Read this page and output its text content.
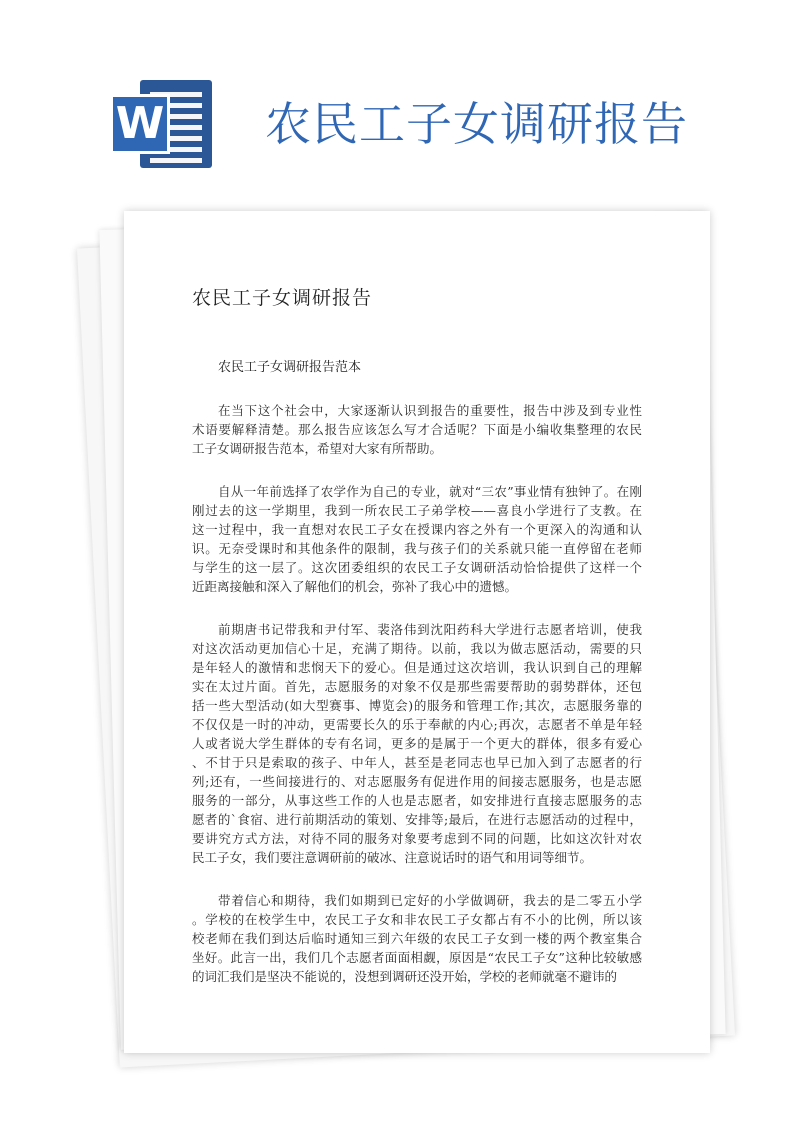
W 农民工子女调研报告
农民工子女调研报告
农民工子女调研报告范本
在当下这个社会中，大家逐渐认识到报告的重要性，报告中涉及到专业性
术语要解释清楚。那么报告应该怎么写才合适呢？下面是小编收集整理的农民
工子女调研报告范本，希望对大家有所帮助。
自从一年前选择了农学作为自己的专业，就对“三农”事业情有独钟了。在刚
刚过去的这一学期里，我到一所农民工子弟学校——喜良小学进行了支教。在
这一过程中，我一直想对农民工子女在授课内容之外有一个更深入的沟通和认
识。无奈受课时和其他条件的限制，我与孩子们的关系就只能一直停留在老师
与学生的这一层了。这次团委组织的农民工子女调研活动恰恰提供了这样一个
近距离接触和深入了解他们的机会，弥补了我心中的遗憾。
前期唐书记带我和尹付军、裴洛伟到沈阳药科大学进行志愿者培训，使我
对这次活动更加信心十足，充满了期待。以前，我以为做志愿活动，需要的只
是年轻人的激情和悲悯天下的爱心。但是通过这次培训，我认识到自己的理解
实在太过片面。首先，志愿服务的对象不仅是那些需要帮助的弱势群体，还包
括一些大型活动(如大型赛事、博览会)的服务和管理工作;其次，志愿服务靠的
不仅仅是一时的冲动，更需要长久的乐于奉献的内心;再次，志愿者不单是年轻
人或者说大学生群体的专有名词，更多的是属于一个更大的群体，很多有爱心
、不甘于只是索取的孩子、中年人，甚至是老同志也早已加入到了志愿者的行
列;还有，一些间接进行的、对志愿服务有促进作用的间接志愿服务，也是志愿
服务的一部分，从事这些工作的人也是志愿者，如安排进行直接志愿服务的志
愿者的`食宿、进行前期活动的策划、安排等;最后，在进行志愿活动的过程中，
要讲究方式方法，对待不同的服务对象要考虑到不同的问题，比如这次针对农
民工子女，我们要注意调研前的破冰、注意说话时的语气和用词等细节。
带着信心和期待，我们如期到已定好的小学做调研，我去的是二零五小学
。学校的在校学生中，农民工子女和非农民工子女都占有不小的比例，所以该
校老师在我们到达后临时通知三到六年级的农民工子女到一楼的两个教室集合
坐好。此言一出，我们几个志愿者面面相觑，原因是“农民工子女”这种比较敏感
的词汇我们是坚决不能说的，没想到调研还没开始，学校的老师就毫不避讳的
